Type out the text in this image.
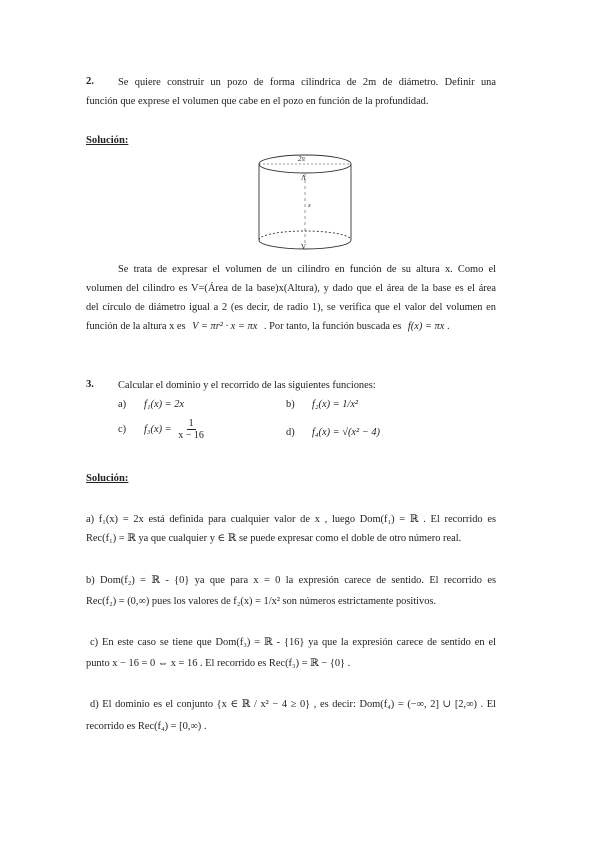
2. Se quiere construir un pozo de forma cilíndrica de 2m de diámetro. Definir una
función que exprese el volumen que cabe en el pozo en función de la profundidad.
Solución:
2π
Λ
x
V
Se trata de expresar el volumen de un cilindro en función de su altura x. Como el
volumen del cilindro es V=(Área de la base)x(Altura), y dado que el área de la base es el área
del círculo de diámetro igual a 2 (es decir, de radio 1), se verifica que el valor del volumen en
función de la altura x es V = πr² · x = πx . Por tanto, la función buscada es f(x) = πx .
3. Calcular el dominio y el recorrido de las siguientes funciones:
a) f₁(x) = 2x	b) f₂(x) = 1/x²
c) $f_3(x) = \frac{1}{x - 16}$	d) f₄(x) = √(x² − 4)
Solución:
a) f₁(x) = 2x está definida para cualquier valor de x , luego Dom(f₁) = ℝ . El recorrido es
Rec(f₁) = ℝ ya que cualquier y ∈ ℝ se puede expresar como el doble de otro número real.
b) Dom(f₂) = ℝ - {0} ya que para x = 0 la expresión carece de sentido. El recorrido es
Rec(f₂) = (0,∞) pues los valores de f₂(x) = 1/x² son números estrictamente positivos.
c) En este caso se tiene que Dom(f₃) = ℝ - {16} ya que la expresión carece de sentido en el
punto x − 16 = 0 ⇔ x = 16 . El recorrido es Rec(f₃) = ℝ − {0} .
d) El dominio es el conjunto {x ∈ ℝ / x² − 4 ≥ 0} , es decir: Dom(f₄) = (−∞, 2] ∪ [2,∞) . El
recorrido es Rec(f₄) = [0,∞) .
